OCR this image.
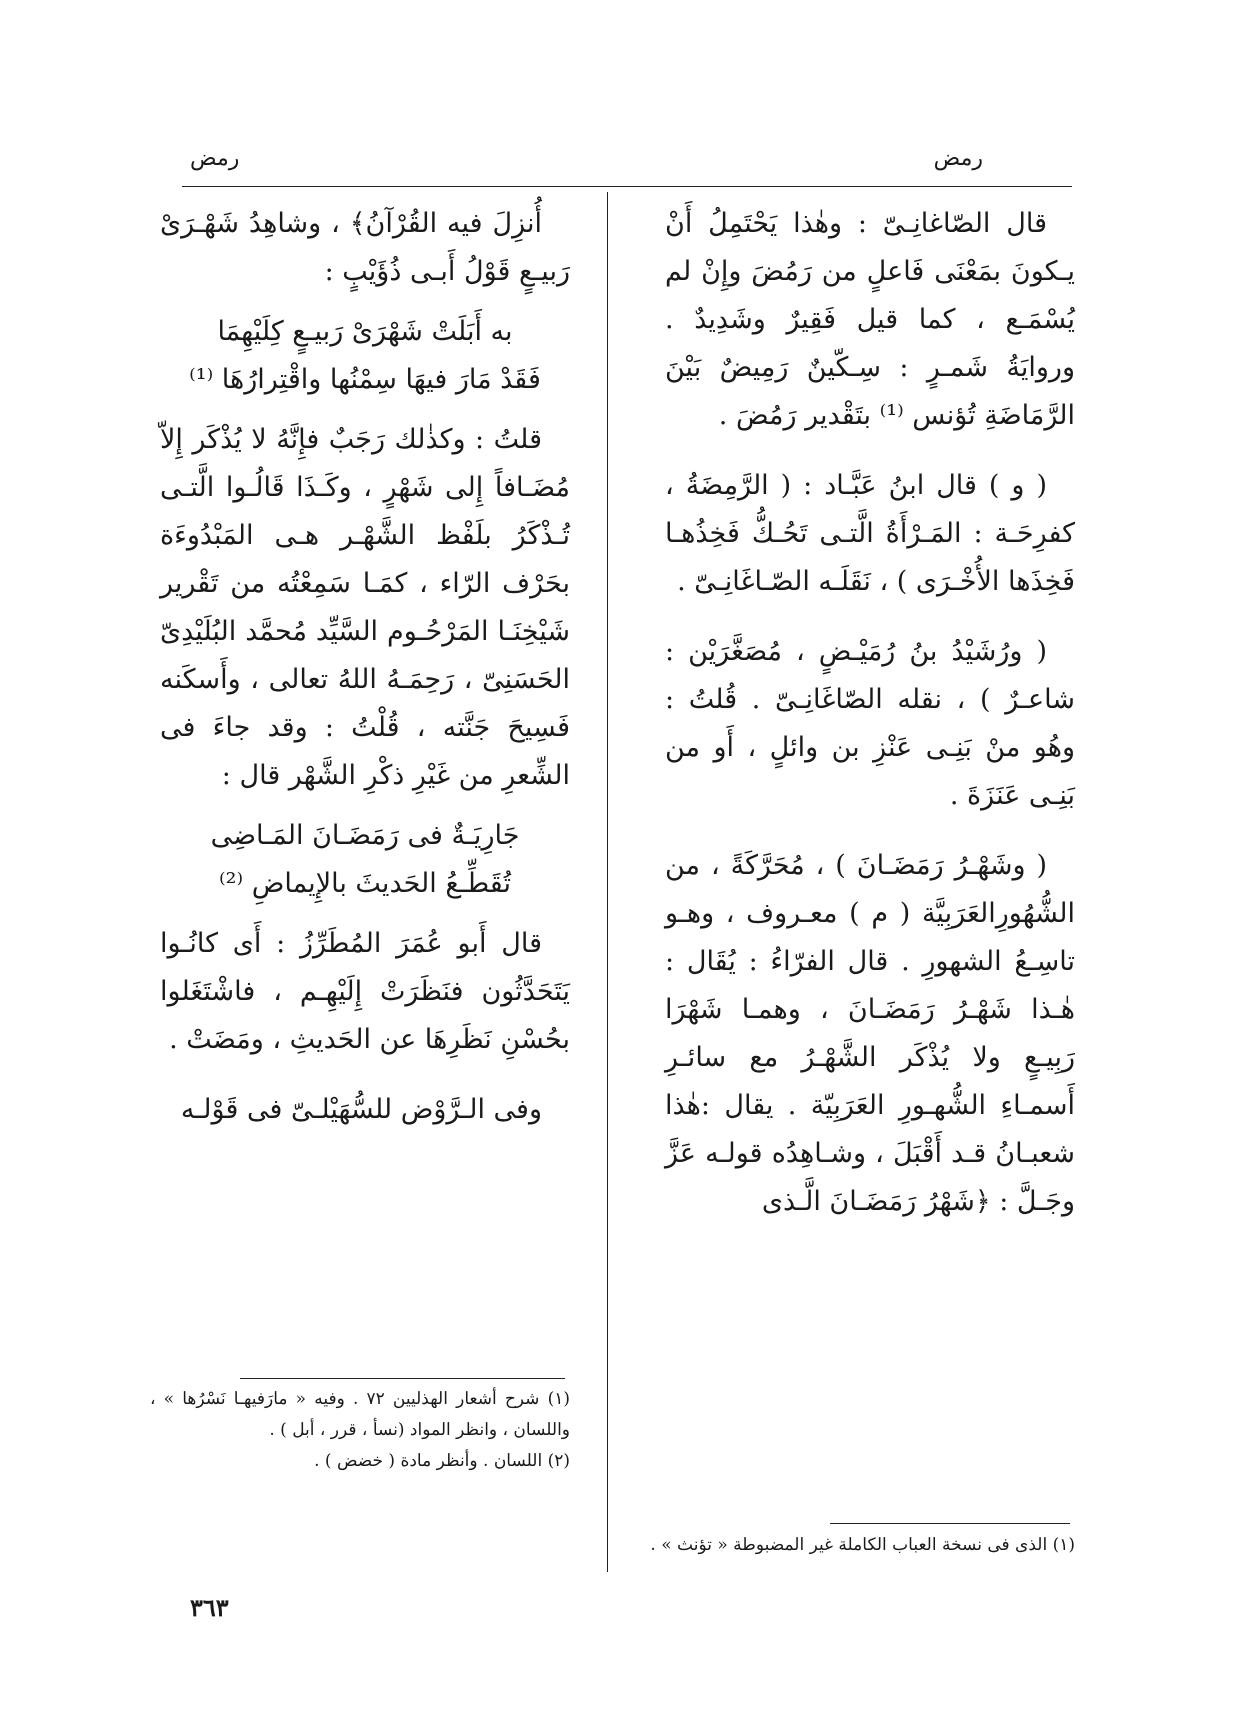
رمض
رمض

قال الصّاغانِـىّ : وهٰذا يَحْتَمِلُ أَنْ يـكونَ بمَعْنَى فَاعلٍ من رَمُضَ وإِنْ لم يُسْمَـع ، كما قيل فَقِيرٌ وشَدِيدٌ . وروايَةُ شَمـرٍ : سِـكّينٌ رَمِيضٌ بَيْنَ الرَّمَاضَةِ تُؤنس ⁽¹⁾ بتَقْدير رَمُضَ .

( و ) قال ابنُ عَبَّـاد : ( الرَّمِضَةُ ، كفرِحَـة : المَـرْأَةُ الَّتـى تَحُـكُّ فَخِذُهـا فَخِذَها الأُخْـرَى ) ، نَقَلَـه الصّـاغَانِـىّ .

( ورُشَيْدُ بنُ رُمَيْـضٍ ، مُصَغَّرَيْن : شاعـرٌ ) ، نقله الصّاغَانِـىّ . قُلتُ : وهُو منْ بَنِـى عَنْزِ بن وائلٍ ، أَو من بَنِـى عَنَزَةَ .

( وشَهْـرُ رَمَضَـانَ ) ، مُحَرَّكَةً ، من الشُّهُورِالعَرَبِيَّة ( م ) معـروف ، وهـو تاسِـعُ الشهورِ . قال الفرّاءُ : يُقَال : هٰـذا شَهْـرُ رَمَضَـانَ ، وهمـا شَهْرَا رَبِيـعٍ ولا يُذْكَر الشَّهْـرُ مع سائـرِ أَسمـاءِ الشُّهـورِ العَرَبِيّة . يقال :هٰذا شعبـانُ قـد أَقْبَلَ ، وشـاهِدُه قولـه عَزَّ وجَـلَّ : ﴿شَهْرُ رَمَضَـانَ الَّـذى

أُنزِلَ فيه القُرْآنُ﴾ ، وشاهِدُ شَهْـرَىْ رَبيـعٍ قَوْلُ أَبـى ذُؤَيْبٍ :

به أَبَلَتْ شَهْرَىْ رَبيـعٍ كِلَيْهِمَا

فَقَدْ مَارَ فيهَا سِمْنُها واقْتِرارُهَا ⁽¹⁾

قلتُ : وكذٰلك رَجَبٌ فإِنَّهُ لا يُذْكَر إِلاّ مُضَـافاً إِلى شَهْرٍ ، وكَـذَا قَالُـوا الَّتـى تُـذْكَرُ بلَفْظ الشَّهْـر هـى المَبْدُوءَة بحَرْف الرّاء ، كمَـا سَمِعْتُه من تَقْرير شَيْخِنَـا المَرْحُـوم السَّيِّد مُحمَّد البُلَيْدِىّ الحَسَنِىّ ، رَحِمَـهُ اللهُ تعالى ، وأَسكَنه فَسِيحَ جَنَّته ، قُلْتُ : وقد جاءَ فى الشِّعرِ من غَيْرِ ذكْرِ الشَّهْر قال :

جَارِيَـةٌ فى رَمَضَـانَ المَـاضِى

تُقَطِّـعُ الحَديثَ بالإِيماضِ ⁽²⁾

قال أَبو عُمَرَ المُطَرِّزُ : أَى كانُـوا يَتَحَدَّثُون فنَظَرَتْ إِلَيْهِـم ، فاشْتَغَلوا بحُسْنِ نَظَرِهَا عن الحَديثِ ، ومَضَتْ .

وفى الـرَّوْض للسُّهَيْلـىّ فى قَوْلـه

(١) شرح أشعار الهذليين ٧٢ . وفيه « مارَفيهـا نَسْرُها » ، واللسان ، وانظر المواد (نسأ ، قرر ، أبل ) .

(٢) اللسان . وأنظر مادة ( خضض ) .

(١) الذى فى نسخة العباب الكاملة غير المضبوطة « تؤنث » .

٣٦٣
